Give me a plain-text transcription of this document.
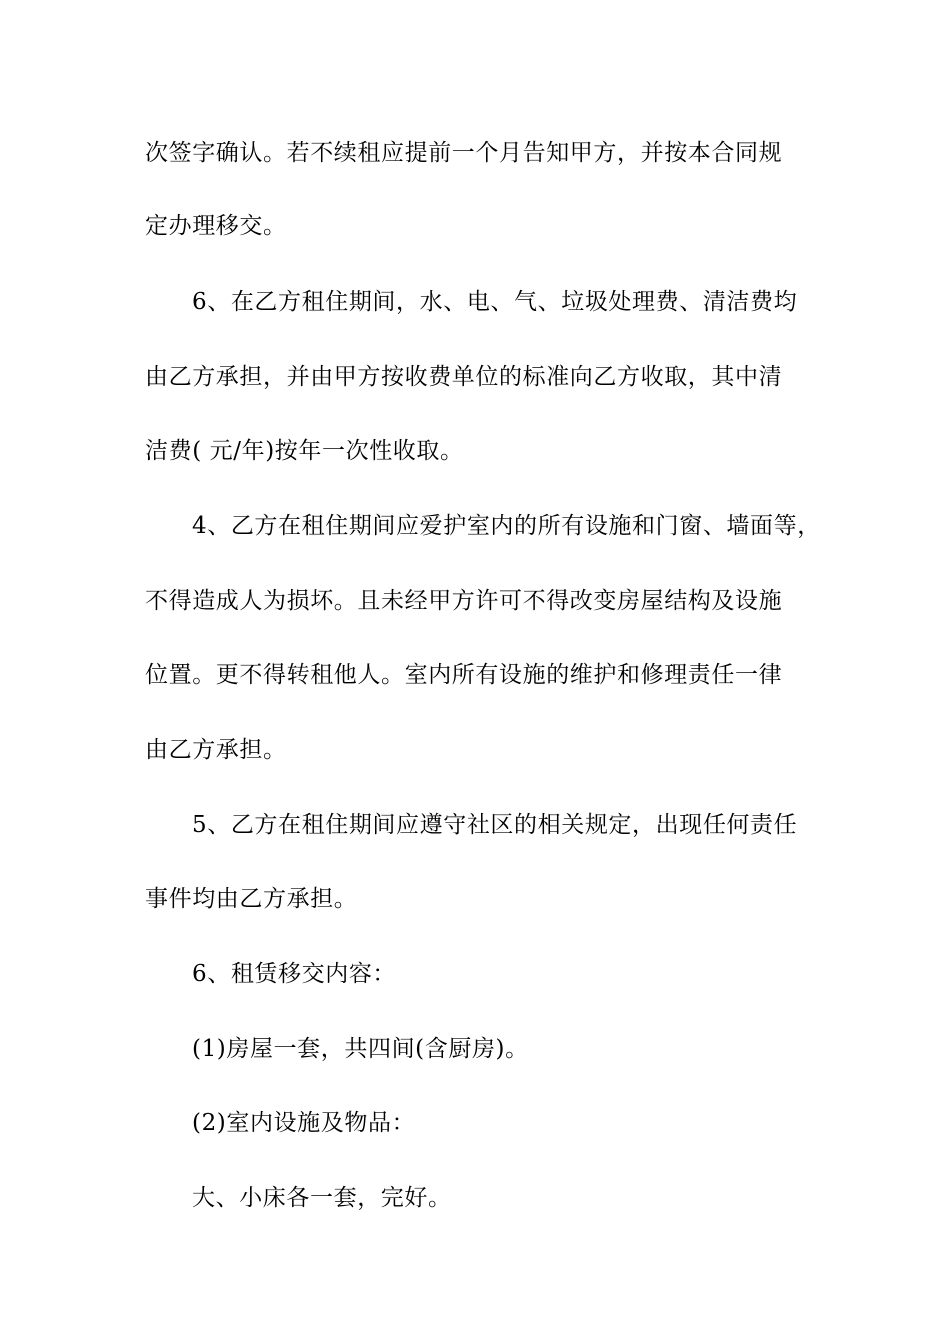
次签字确认。若不续租应提前一个月告知甲方，并按本合同规
定办理移交。
6、在乙方租住期间，水、电、气、垃圾处理费、清洁费均
由乙方承担，并由甲方按收费单位的标准向乙方收取，其中清
洁费( 元/年)按年一次性收取。
4、乙方在租住期间应爱护室内的所有设施和门窗、墙面等，
不得造成人为损坏。且未经甲方许可不得改变房屋结构及设施
位置。更不得转租他人。室内所有设施的维护和修理责任一律
由乙方承担。
5、乙方在租住期间应遵守社区的相关规定，出现任何责任
事件均由乙方承担。
6、租赁移交内容：
(1)房屋一套，共四间(含厨房)。
(2)室内设施及物品：
大、小床各一套，完好。
